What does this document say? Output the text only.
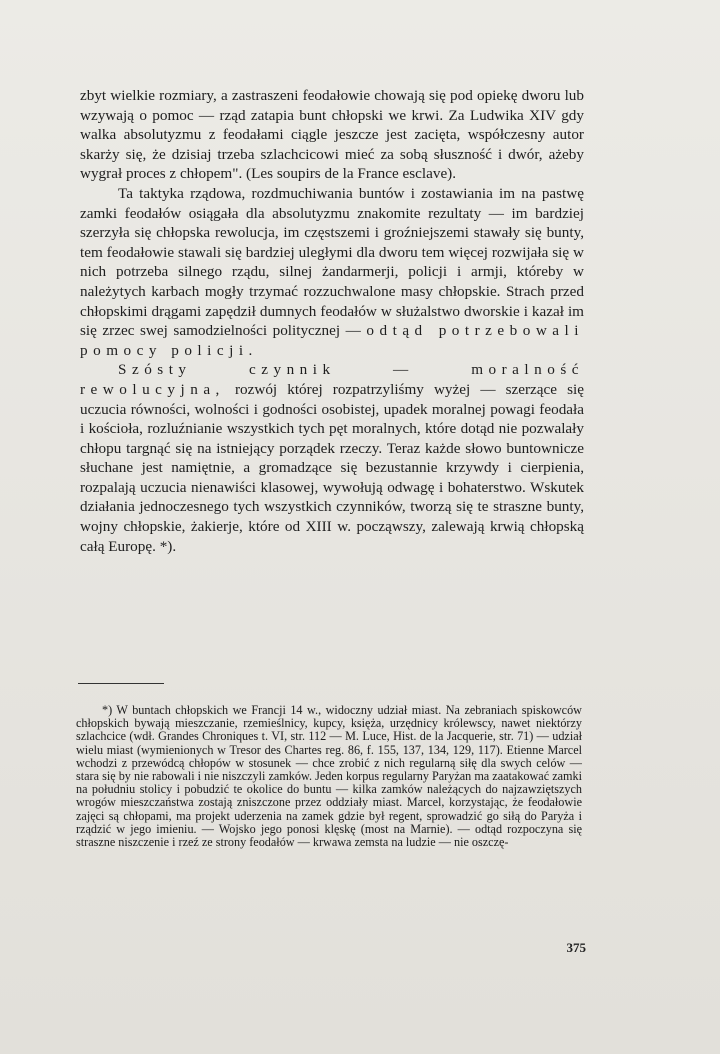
zbyt wielkie rozmiary, a zastraszeni feodałowie chowają się pod opiekę dworu lub wzywają o pomoc — rząd zatapia bunt chłopski we krwi. Za Ludwika XIV gdy walka absolutyzmu z feodałami ciągle jeszcze jest zacięta, współczesny autor skarży się, że dzisiaj trzeba szlachcicowi mieć za sobą słuszność i dwór, ażeby wygrał proces z chłopem". (Les soupirs de la France esclave).

Ta taktyka rządowa, rozdmuchiwania buntów i zostawiania im na pastwę zamki feodałów osiągała dla absolutyzmu znakomite rezultaty — im bardziej szerzyła się chłopska rewolucja, im częstszemi i groźniejszemi stawały się bunty, tem feodałowie stawali się bardziej uległymi dla dworu tem więcej rozwijała się w nich potrzeba silnego rządu, silnej żandarmerji, policji i armji, któreby w należytych karbach mogły trzymać rozzuchwalone masy chłopskie. Strach przed chłopskimi drągami zapędził dumnych feodałów w służalstwo dworskie i kazał im się zrzec swej samodzielności politycznej — odtąd potrzebowali pomocy policji.

Szósty czynnik — moralność rewolucyjna, rozwój której rozpatrzyliśmy wyżej — szerzące się uczucia równości, wolności i godności osobistej, upadek moralnej powagi feodała i kościoła, rozluźnianie wszystkich tych pęt moralnych, które dotąd nie pozwalały chłopu targnąć się na istniejący porządek rzeczy. Teraz każde słowo buntownicze słuchane jest namiętnie, a gromadzące się bezustannie krzywdy i cierpienia, rozpalają uczucia nienawiści klasowej, wywołują odwagę i bohaterstwo. Wskutek działania jednoczesnego tych wszystkich czynników, tworzą się te straszne bunty, wojny chłopskie, żakierje, które od XIII w. począwszy, zalewają krwią chłopską całą Europę. *).

*) W buntach chłopskich we Francji 14 w., widoczny udział miast. Na zebraniach spiskowców chłopskich bywają mieszczanie, rzemieślnicy, kupcy, księża, urzędnicy królewscy, nawet niektórzy szlachcice (wdł. Grandes Chroniques t. VI, str. 112 — M. Luce, Hist. de la Jacquerie, str. 71) — udział wielu miast (wymienionych w Tresor des Chartes reg. 86, f. 155, 137, 134, 129, 117). Etienne Marcel wchodzi z przewódcą chłopów w stosunek — chce zrobić z nich regularną siłę dla swych celów — stara się by nie rabowali i nie niszczyli zamków. Jeden korpus regularny Paryżan ma zaatakować zamki na południu stolicy i pobudzić te okolice do buntu — kilka zamków należących do najzawziętszych wrogów mieszczaństwa zostają zniszczone przez oddziały miast. Marcel, korzystając, że feodałowie zajęci są chłopami, ma projekt uderzenia na zamek gdzie był regent, sprowadzić go siłą do Paryża i rządzić w jego imieniu. — Wojsko jego ponosi klęskę (most na Marnie). — odtąd rozpoczyna się straszne niszczenie i rzeź ze strony feodałów — krwawa zemsta na ludzie — nie oszczę-

375
